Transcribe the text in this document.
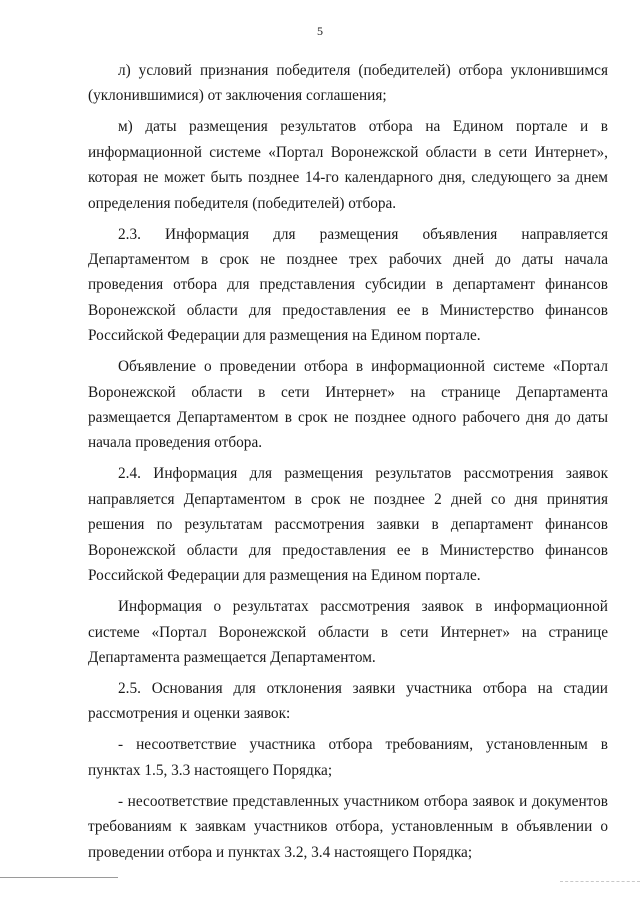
5

л) условий признания победителя (победителей) отбора уклонившимся (уклонившимися) от заключения соглашения;

м) даты размещения результатов отбора на Едином портале и в информационной системе «Портал Воронежской области в сети Интернет», которая не может быть позднее 14-го календарного дня, следующего за днем определения победителя (победителей) отбора.

2.3. Информация для размещения объявления направляется Департаментом в срок не позднее трех рабочих дней до даты начала проведения отбора для представления субсидии в департамент финансов Воронежской области для предоставления ее в Министерство финансов Российской Федерации для размещения на Едином портале.

Объявление о проведении отбора в информационной системе «Портал Воронежской области в сети Интернет» на странице Департамента размещается Департаментом в срок не позднее одного рабочего дня до даты начала проведения отбора.

2.4. Информация для размещения результатов рассмотрения заявок направляется Департаментом в срок не позднее 2 дней со дня принятия решения по результатам рассмотрения заявки в департамент финансов Воронежской области для предоставления ее в Министерство финансов Российской Федерации для размещения на Едином портале.

Информация о результатах рассмотрения заявок в информационной системе «Портал Воронежской области в сети Интернет» на странице Департамента размещается Департаментом.

2.5. Основания для отклонения заявки участника отбора на стадии рассмотрения и оценки заявок:

- несоответствие участника отбора требованиям, установленным в пунктах 1.5, 3.3 настоящего Порядка;

- несоответствие представленных участником отбора заявок и документов требованиям к заявкам участников отбора, установленным в объявлении о проведении отбора и пунктах 3.2, 3.4 настоящего Порядка;
